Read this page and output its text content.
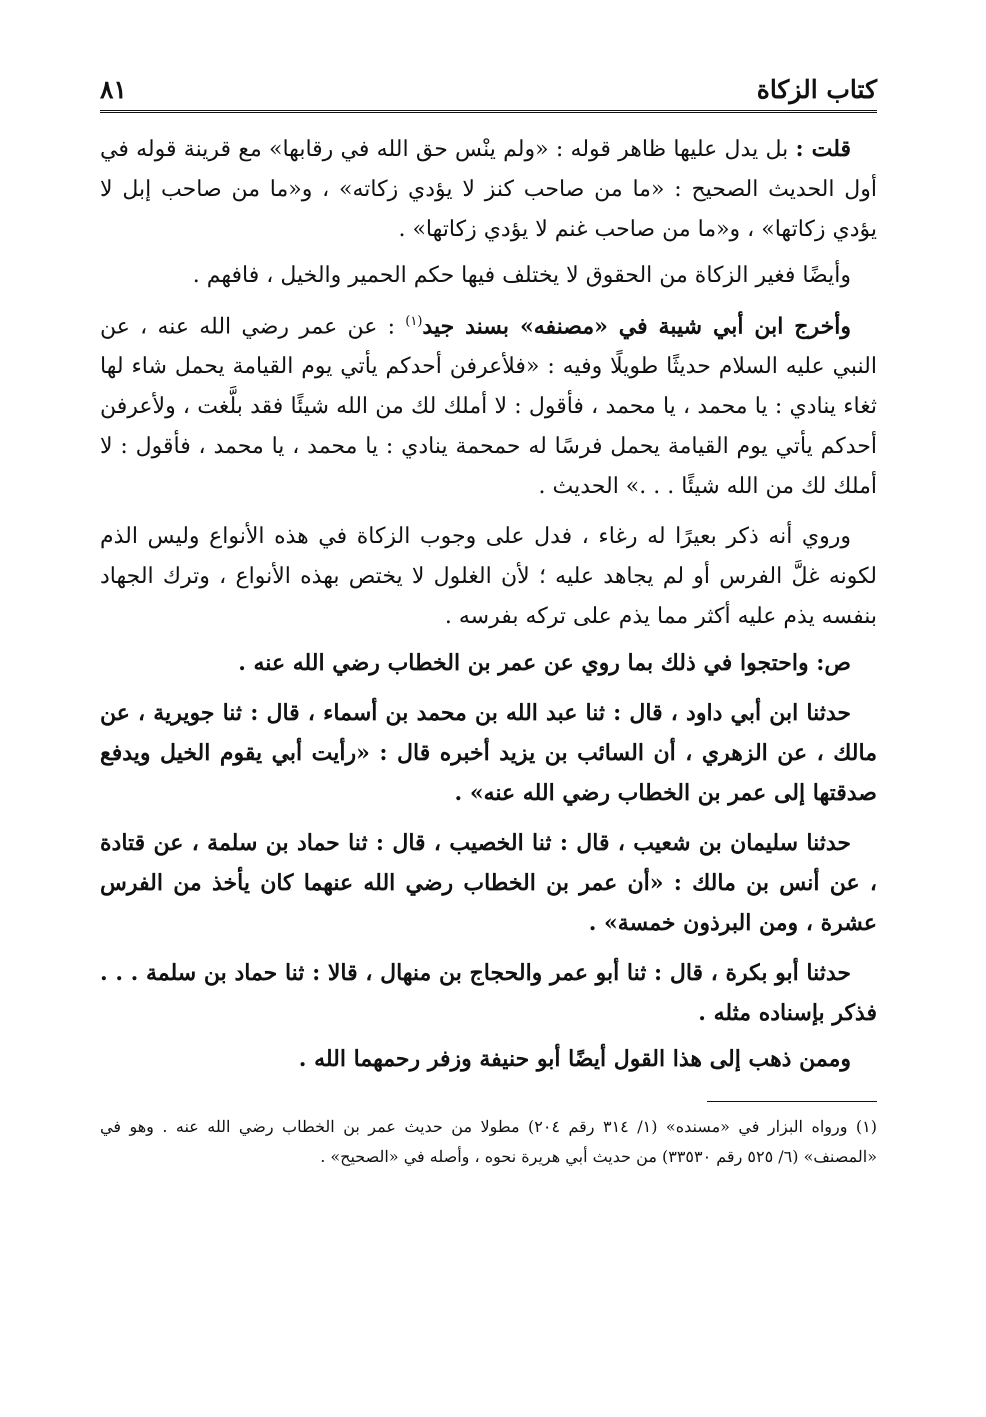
كتاب الزكاة
٨١

قلت : بل يدل عليها ظاهر قوله : «ولم ينْس حق الله في رقابها» مع قرينة قوله في أول الحديث الصحيح : «ما من صاحب كنز لا يؤدي زكاته» ، و«ما من صاحب إبل لا يؤدي زكاتها» ، و«ما من صاحب غنم لا يؤدي زكاتها» .

وأيضًا فغير الزكاة من الحقوق لا يختلف فيها حكم الحمير والخيل ، فافهم .

وأخرج ابن أبي شيبة في «مصنفه» بسند جيد$^{(١)}$ : عن عمر رضي الله عنه ، عن النبي عليه السلام حديثًا طويلًا وفيه : «فلأعرفن أحدكم يأتي يوم القيامة يحمل شاء لها ثغاء ينادي : يا محمد ، يا محمد ، فأقول : لا أملك لك من الله شيئًا فقد بلَّغت ، ولأعرفن أحدكم يأتي يوم القيامة يحمل فرسًا له حمحمة ينادي : يا محمد ، يا محمد ، فأقول : لا أملك لك من الله شيئًا . . .» الحديث .

وروي أنه ذكر بعيرًا له رغاء ، فدل على وجوب الزكاة في هذه الأنواع وليس الذم لكونه غلَّ الفرس أو لم يجاهد عليه ؛ لأن الغلول لا يختص بهذه الأنواع ، وترك الجهاد بنفسه يذم عليه أكثر مما يذم على تركه بفرسه .

ص: واحتجوا في ذلك بما روي عن عمر بن الخطاب رضي الله عنه .

حدثنا ابن أبي داود ، قال : ثنا عبد الله بن محمد بن أسماء ، قال : ثنا جويرية ، عن مالك ، عن الزهري ، أن السائب بن يزيد أخبره قال : «رأيت أبي يقوم الخيل ويدفع صدقتها إلى عمر بن الخطاب رضي الله عنه» .

حدثنا سليمان بن شعيب ، قال : ثنا الخصيب ، قال : ثنا حماد بن سلمة ، عن قتادة ، عن أنس بن مالك : «أن عمر بن الخطاب رضي الله عنهما كان يأخذ من الفرس عشرة ، ومن البرذون خمسة» .

حدثنا أبو بكرة ، قال : ثنا أبو عمر والحجاج بن منهال ، قالا : ثنا حماد بن سلمة . . . فذكر بإسناده مثله .

وممن ذهب إلى هذا القول أيضًا أبو حنيفة وزفر رحمهما الله .

(١) ورواه البزار في «مسنده» (١/ ٣١٤ رقم ٢٠٤) مطولا من حديث عمر بن الخطاب رضي الله عنه . وهو في «المصنف» (٦/ ٥٢٥ رقم ٣٣٥٣٠) من حديث أبي هريرة نحوه ، وأصله في «الصحيح» .
